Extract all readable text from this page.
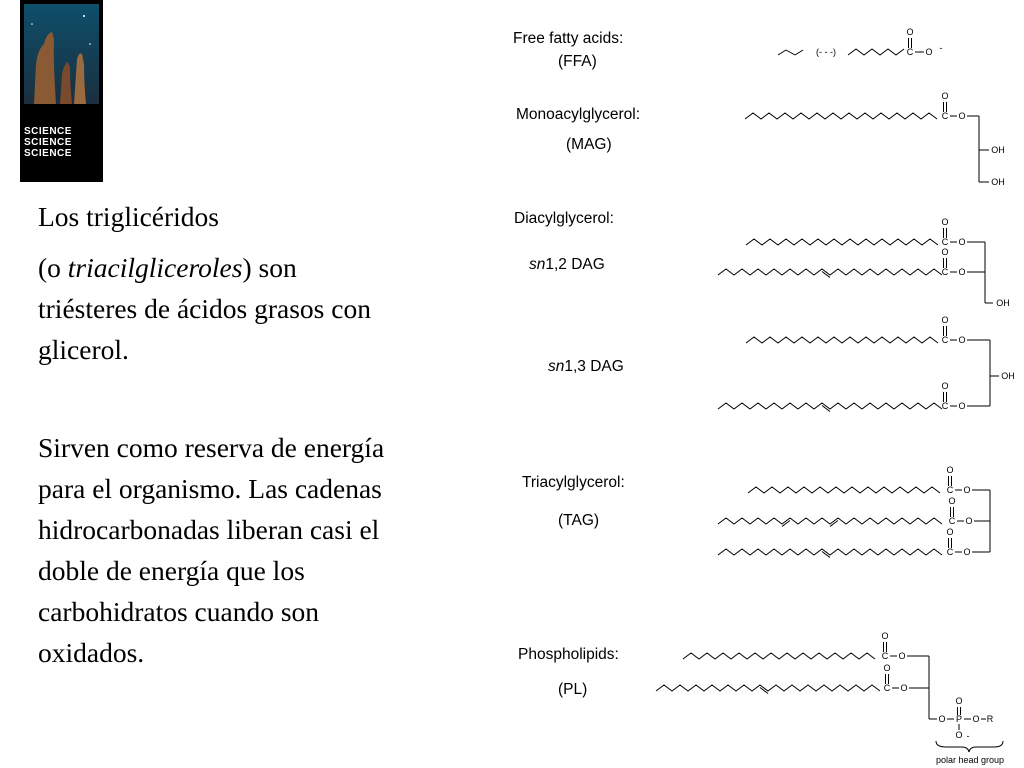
SCIENCE
SCIENCE
SCIENCE
Los triglicéridos
(o triacilgliceroles) son
triésteres de ácidos grasos con
glicerol.
Sirven como reserva de energía
para el organismo. Las cadenas
hidrocarbonadas liberan casi el
doble de energía que los
carbohidratos cuando son
oxidados.
Free fatty acids:
(FFA)
Monoacylglycerol:
(MAG)
Diacylglycerol:
sn1,2 DAG
sn1,3 DAG
Triacylglycerol:
(TAG)
Phospholipids:
(PL)
(- - -)	C
O
O -
C
O
O
OH
OH
C
O
O
C
O
O
OH
C
O
O
OH
C
O
O
C
O
O
C
O
O
C
O
O
C
O
O
C
O
O
O P
O
O -
O R
polar head group
